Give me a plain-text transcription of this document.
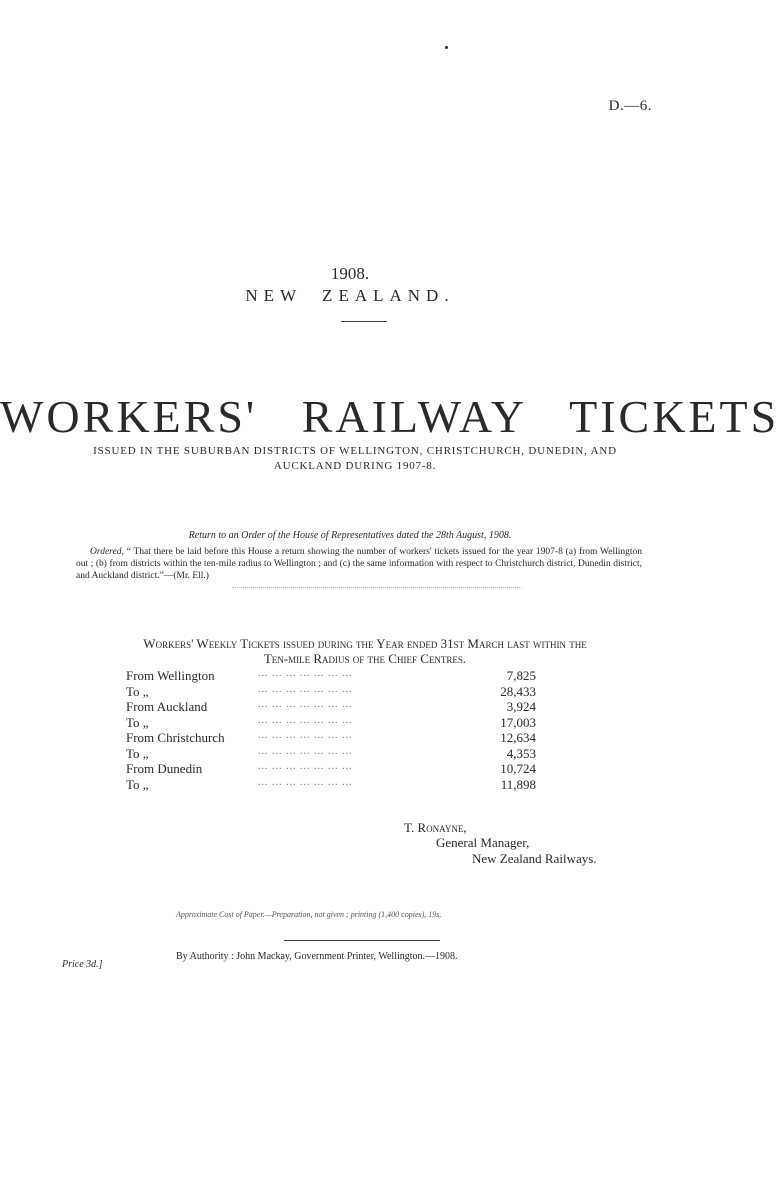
D.—6.
1908.
NEW ZEALAND.
WORKERS' RAILWAY TICKETS
ISSUED IN THE SUBURBAN DISTRICTS OF WELLINGTON, CHRISTCHURCH, DUNEDIN, AND AUCKLAND DURING 1907-8.
Return to an Order of the House of Representatives dated the 28th August, 1908.
Ordered, “ That there be laid before this House a return showing the number of workers' tickets issued for the year 1907-8 (a) from Wellington out ; (b) from districts within the ten-mile radius to Wellington ; and (c) the same information with respect to Christchurch district, Dunedin district, and Auckland district.”—(Mr. Ell.)
Workers' Weekly Tickets issued during the Year ended 31st March last within the
Ten-mile Radius of the Chief Centres.
From Wellington	... ... ... ... ... ... ...	7,825
To „	... ... ... ... ... ... ...	28,433
From Auckland	... ... ... ... ... ... ...	3,924
To „	... ... ... ... ... ... ...	17,003
From Christchurch	... ... ... ... ... ... ...	12,634
To „	... ... ... ... ... ... ...	4,353
From Dunedin	... ... ... ... ... ... ...	10,724
To „	... ... ... ... ... ... ...	11,898
T. Ronayne,
General Manager,
New Zealand Railways.
Approximate Cost of Paper.—Preparation, not given ; printing (1,400 copies), 19s.
Price 3d.]
By Authority : John Mackay, Government Printer, Wellington.—1908.
